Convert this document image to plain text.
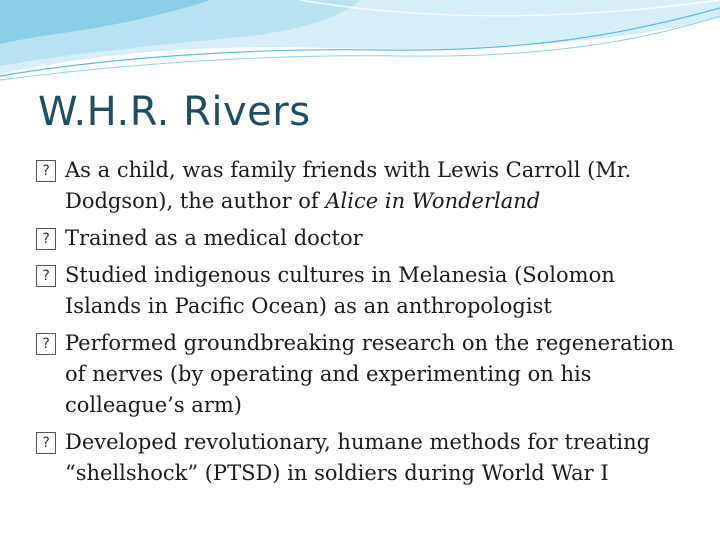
W.H.R. Rivers
? As a child, was family friends with Lewis Carroll (Mr. Dodgson), the author of Alice in Wonderland
? Trained as a medical doctor
? Studied indigenous cultures in Melanesia (Solomon Islands in Pacific Ocean) as an anthropologist
? Performed groundbreaking research on the regeneration of nerves (by operating and experimenting on his colleague’s arm)
? Developed revolutionary, humane methods for treating “shellshock” (PTSD) in soldiers during World War I
